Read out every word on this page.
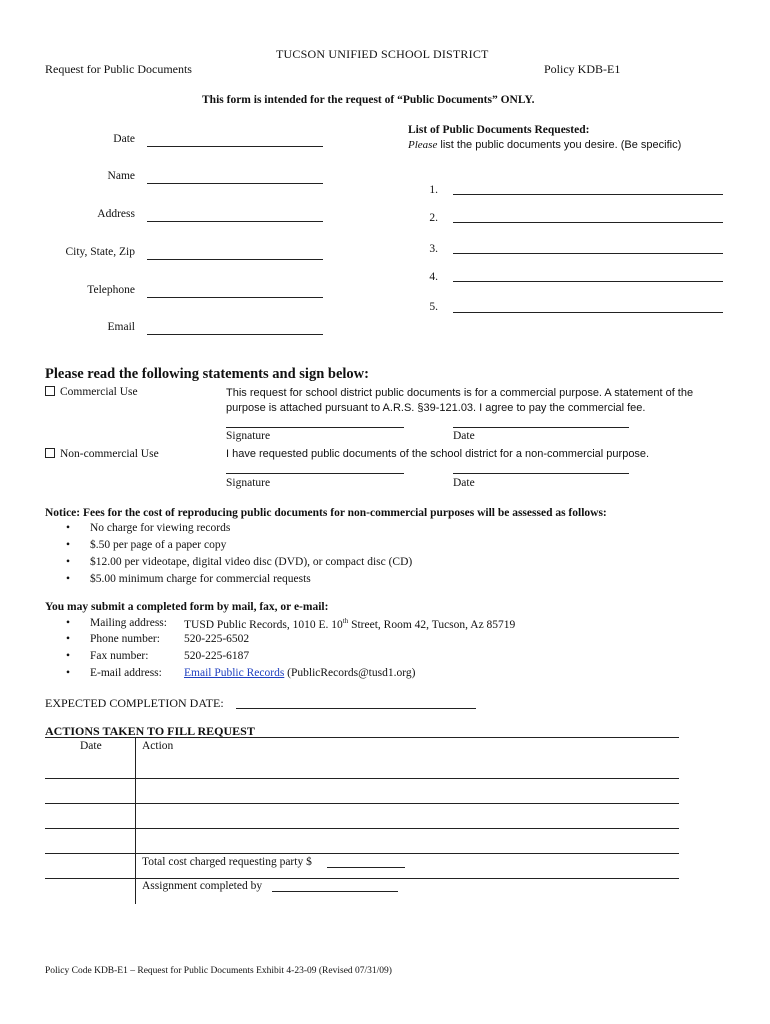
TUCSON UNIFIED SCHOOL DISTRICT
Request for Public Documents	Policy KDB-E1
This form is intended for the request of “Public Documents” ONLY.
Date
Name
Address
City, State, Zip
Telephone
Email
List of Public Documents Requested:
Please list the public documents you desire. (Be specific)
1.
2.
3.
4.
5.
Please read the following statements and sign below:
Commercial Use	This request for school district public documents is for a commercial purpose. A statement of the
purpose is attached pursuant to A.R.S. §39-121.03. I agree to pay the commercial fee.
Signature	Date
Non-commercial Use	I have requested public documents of the school district for a non-commercial purpose.
Signature	Date
Notice: Fees for the cost of reproducing public documents for non-commercial purposes will be assessed as follows:
• No charge for viewing records
• $.50 per page of a paper copy
• $12.00 per videotape, digital video disc (DVD), or compact disc (CD)
• $5.00 minimum charge for commercial requests
You may submit a completed form by mail, fax, or e-mail:
• Mailing address: TUSD Public Records, 1010 E. 10th Street, Room 42, Tucson, Az 85719
• Phone number: 520-225-6502
• Fax number:	520-225-6187
• E-mail address: Email Public Records (PublicRecords@tusd1.org)
EXPECTED COMPLETION DATE:
ACTIONS TAKEN TO FILL REQUEST
Date	Action
Total cost charged requesting party $
Assignment completed by
Policy Code KDB-E1 – Request for Public Documents Exhibit 4-23-09 (Revised 07/31/09)
